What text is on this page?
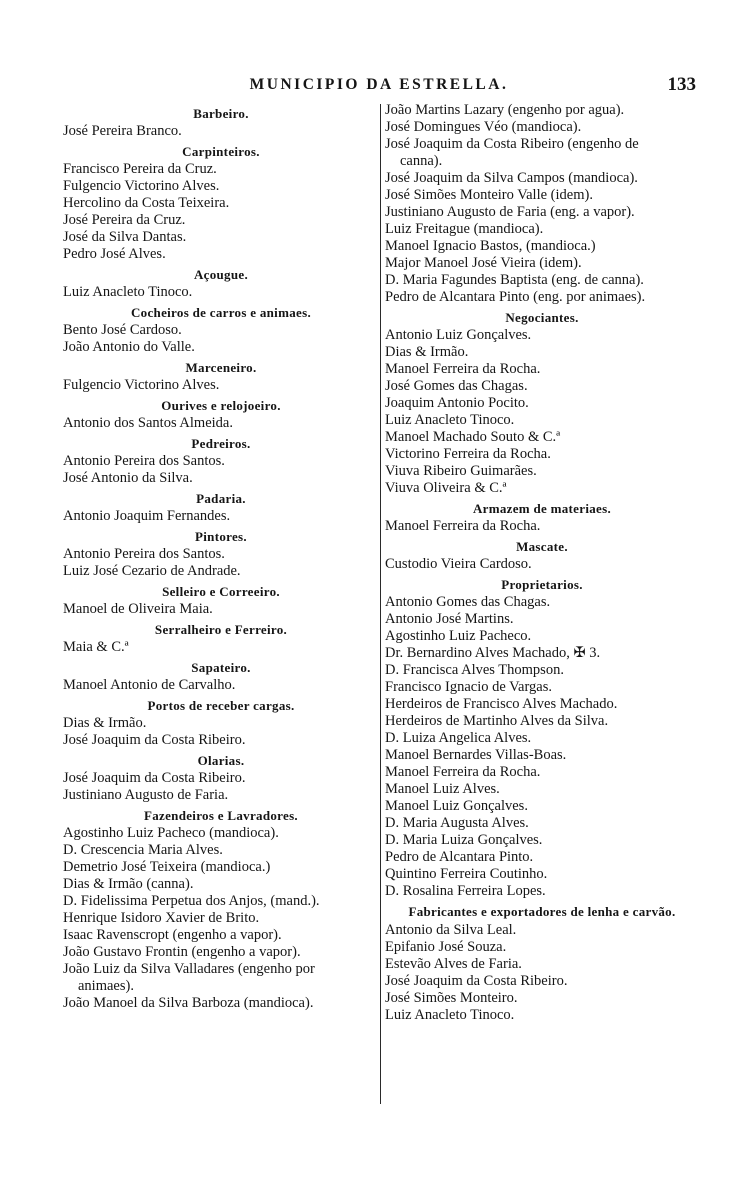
MUNICIPIO DA ESTRELLA.	133
Barbeiro.
José Pereira Branco.
Carpinteiros.
Francisco Pereira da Cruz.
Fulgencio Victorino Alves.
Hercolino da Costa Teixeira.
José Pereira da Cruz.
José da Silva Dantas.
Pedro José Alves.
Açougue.
Luiz Anacleto Tinoco.
Cocheiros de carros e animaes.
Bento José Cardoso.
João Antonio do Valle.
Marceneiro.
Fulgencio Victorino Alves.
Ourives e relojoeiro.
Antonio dos Santos Almeida.
Pedreiros.
Antonio Pereira dos Santos.
José Antonio da Silva.
Padaria.
Antonio Joaquim Fernandes.
Pintores.
Antonio Pereira dos Santos.
Luiz José Cezario de Andrade.
Selleiro e Correeiro.
Manoel de Oliveira Maia.
Serralheiro e Ferreiro.
Maia & C.ª
Sapateiro.
Manoel Antonio de Carvalho.
Portos de receber cargas.
Dias & Irmão.
José Joaquim da Costa Ribeiro.
Olarias.
José Joaquim da Costa Ribeiro.
Justiniano Augusto de Faria.
Fazendeiros e Lavradores.
Agostinho Luiz Pacheco (mandioca).
D. Crescencia Maria Alves.
Demetrio José Teixeira (mandioca.)
Dias & Irmão (canna).
D. Fidelissima Perpetua dos Anjos, (mand.).
Henrique Isidoro Xavier de Brito.
Isaac Ravenscropt (engenho a vapor).
João Gustavo Frontin (engenho a vapor).
João Luiz da Silva Valladares (engenho por
animaes).
João Manoel da Silva Barboza (mandioca).
João Martins Lazary (engenho por agua).
José Domingues Véo (mandioca).
José Joaquim da Costa Ribeiro (engenho de
canna).
José Joaquim da Silva Campos (mandioca).
José Simões Monteiro Valle (idem).
Justiniano Augusto de Faria (eng. a vapor).
Luiz Freitague (mandioca).
Manoel Ignacio Bastos, (mandioca.)
Major Manoel José Vieira (idem).
D. Maria Fagundes Baptista (eng. de canna).
Pedro de Alcantara Pinto (eng. por animaes).
Negociantes.
Antonio Luiz Gonçalves.
Dias & Irmão.
Manoel Ferreira da Rocha.
José Gomes das Chagas.
Joaquim Antonio Pocito.
Luiz Anacleto Tinoco.
Manoel Machado Souto & C.ª
Victorino Ferreira da Rocha.
Viuva Ribeiro Guimarães.
Viuva Oliveira & C.ª
Armazem de materiaes.
Manoel Ferreira da Rocha.
Mascate.
Custodio Vieira Cardoso.
Proprietarios.
Antonio Gomes das Chagas.
Antonio José Martins.
Agostinho Luiz Pacheco.
Dr. Bernardino Alves Machado, ✠ 3.
D. Francisca Alves Thompson.
Francisco Ignacio de Vargas.
Herdeiros de Francisco Alves Machado.
Herdeiros de Martinho Alves da Silva.
D. Luiza Angelica Alves.
Manoel Bernardes Villas-Boas.
Manoel Ferreira da Rocha.
Manoel Luiz Alves.
Manoel Luiz Gonçalves.
D. Maria Augusta Alves.
D. Maria Luiza Gonçalves.
Pedro de Alcantara Pinto.
Quintino Ferreira Coutinho.
D. Rosalina Ferreira Lopes.
Fabricantes e exportadores de lenha e carvão.
Antonio da Silva Leal.
Epifanio José Souza.
Estevão Alves de Faria.
José Joaquim da Costa Ribeiro.
José Simões Monteiro.
Luiz Anacleto Tinoco.
